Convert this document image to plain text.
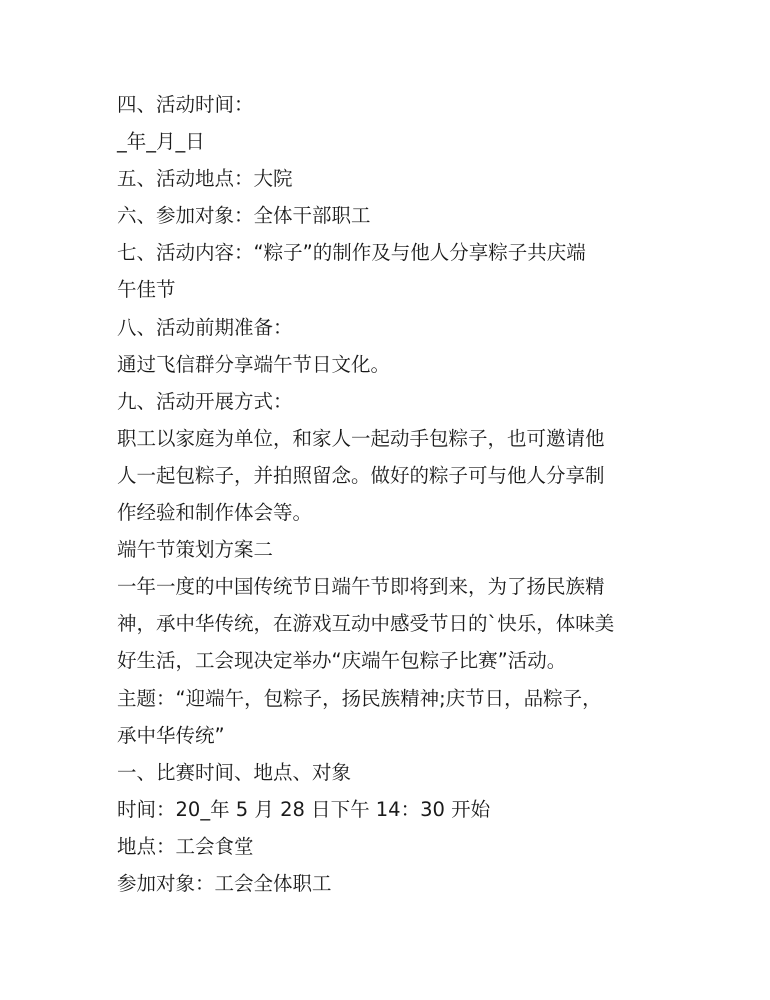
四、活动时间：

_年_月_日

五、活动地点：大院

六、参加对象：全体干部职工

七、活动内容：“粽子”的制作及与他人分享粽子共庆端

午佳节

八、活动前期准备：

通过飞信群分享端午节日文化。

九、活动开展方式：

职工以家庭为单位，和家人一起动手包粽子，也可邀请他

人一起包粽子，并拍照留念。做好的粽子可与他人分享制

作经验和制作体会等。

端午节策划方案二

一年一度的中国传统节日端午节即将到来，为了扬民族精

神，承中华传统，在游戏互动中感受节日的`快乐，体味美

好生活，工会现决定举办“庆端午包粽子比赛”活动。

主题：“迎端午，包粽子，扬民族精神;庆节日，品粽子，

承中华传统”

一、比赛时间、地点、对象

时间：20_年 5 月 28 日下午 14：30 开始

地点：工会食堂

参加对象：工会全体职工
